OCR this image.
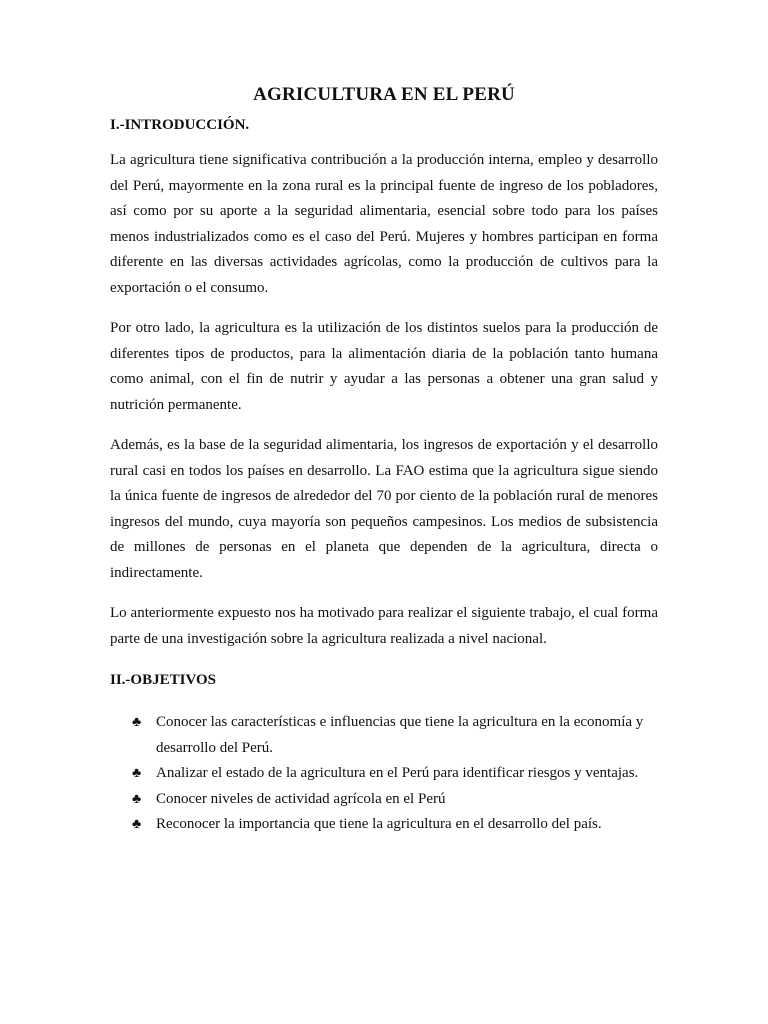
AGRICULTURA EN EL PERÚ
I.-INTRODUCCIÓN.

La agricultura tiene significativa contribución a la producción interna, empleo y desarrollo del Perú, mayormente en la zona rural es la principal fuente de ingreso de los pobladores, así como por su aporte a la seguridad alimentaria, esencial sobre todo para los países menos industrializados como es el caso del Perú. Mujeres y hombres participan en forma diferente en las diversas actividades agrícolas, como la producción de cultivos para la exportación o el consumo.

Por otro lado, la agricultura es la utilización de los distintos suelos para la producción de diferentes tipos de productos, para la alimentación diaria de la población tanto humana como animal, con el fin de nutrir y ayudar a las personas a obtener una gran salud y nutrición permanente.

Además, es la base de la seguridad alimentaria, los ingresos de exportación y el desarrollo rural casi en todos los países en desarrollo. La FAO estima que la agricultura sigue siendo la única fuente de ingresos de alrededor del 70 por ciento de la población rural de menores ingresos del mundo, cuya mayoría son pequeños campesinos. Los medios de subsistencia de millones de personas en el planeta que dependen de la agricultura, directa o indirectamente.

Lo anteriormente expuesto nos ha motivado para realizar el siguiente trabajo, el cual forma parte de una investigación sobre la agricultura realizada a nivel nacional.

II.-OBJETIVOS
♣ Conocer las características e influencias que tiene la agricultura en la economía y desarrollo del Perú.
♣ Analizar el estado de la agricultura en el Perú para identificar riesgos y ventajas.
♣ Conocer niveles de actividad agrícola en el Perú
♣ Reconocer la importancia que tiene la agricultura en el desarrollo del país.
